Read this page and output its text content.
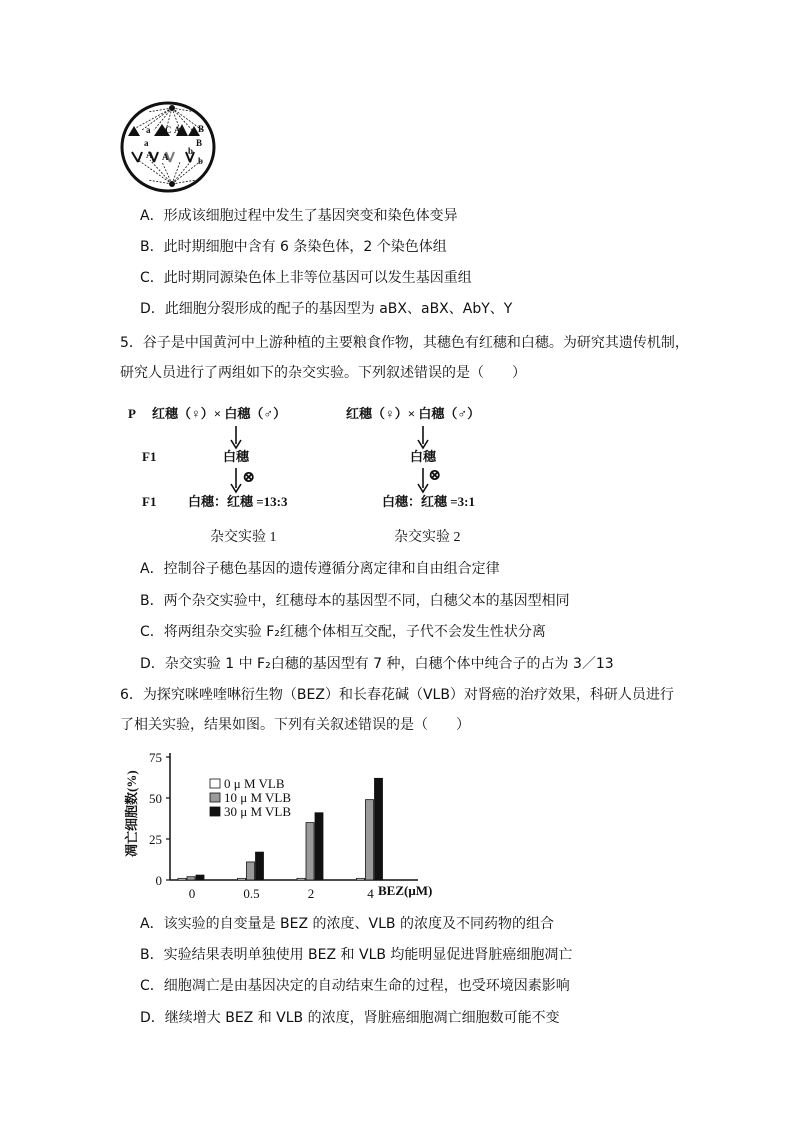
a C A B
a	B
A A
b
b
A．形成该细胞过程中发生了基因突变和染色体变异
B．此时期细胞中含有 6 条染色体，2 个染色体组
C．此时期同源染色体上非等位基因可以发生基因重组
D．此细胞分裂形成的配子的基因型为 aBX、aBX、AbY、Y
5．谷子是中国黄河中上游种植的主要粮食作物，其穗色有红穗和白穗。为研究其遗传机制，
研究人员进行了两组如下的杂交实验。下列叙述错误的是（　　）
P 红穗（♀）× 白穗（♂）	红穗（♀）× 白穗（♂）
F1	白穗	白穗
F1 白穗：红穗 =13:3	白穗：红穗 =3:1
⊗	⊗
杂交实验 1	杂交实验 2
A．控制谷子穗色基因的遗传遵循分离定律和自由组合定律
B．两个杂交实验中，红穗母本的基因型不同，白穗父本的基因型相同
C．将两组杂交实验 F₂红穗个体相互交配，子代不会发生性状分离
D．杂交实验 1 中 F₂白穗的基因型有 7 种，白穗个体中纯合子的占为 3／13
6．为探究咪唑喹啉衍生物（BEZ）和长春花碱（VLB）对肾癌的治疗效果，科研人员进行
了相关实验，结果如图。下列有关叙述错误的是（　　）
凋亡细胞数(%)
0
25
50
75
0	0.5	2	4
0 μ M VLB
10 μ M VLB
30 μ M VLB
BEZ(μM)
A．该实验的自变量是 BEZ 的浓度、VLB 的浓度及不同药物的组合
B．实验结果表明单独使用 BEZ 和 VLB 均能明显促进肾脏癌细胞凋亡
C．细胞凋亡是由基因决定的自动结束生命的过程，也受环境因素影响
D．继续增大 BEZ 和 VLB 的浓度，肾脏癌细胞凋亡细胞数可能不变
